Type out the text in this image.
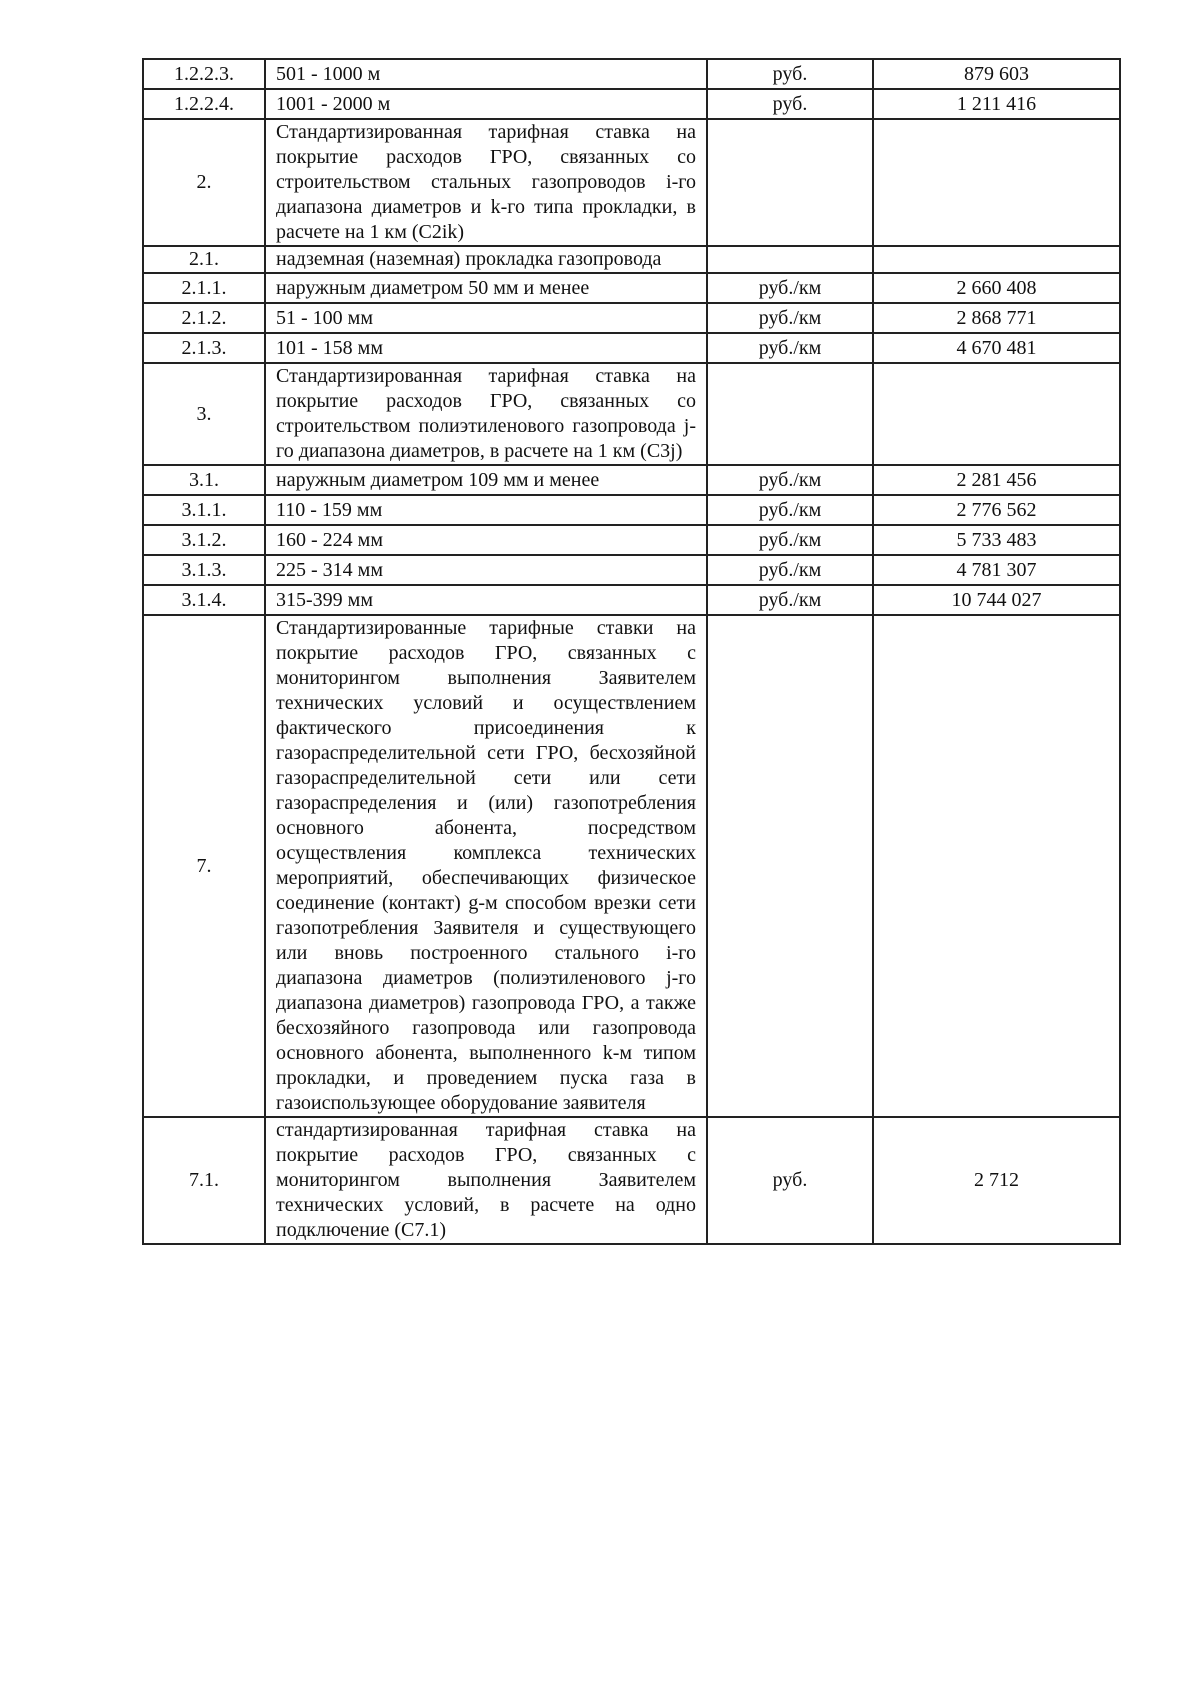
1.2.2.3.	501 - 1000 м	руб.	879 603
1.2.2.4.	1001 - 2000 м	руб.	1 211 416
2.	Стандартизированная тарифная ставка на покрытие расходов ГРО, связанных со строительством стальных газопроводов i-го диапазона диаметров и k-го типа прокладки, в расчете на 1 км (С2ik)		
2.1.	надземная (наземная) прокладка газопровода		
2.1.1.	наружным диаметром 50 мм и менее	руб./км	2 660 408
2.1.2.	51 - 100 мм	руб./км	2 868 771
2.1.3.	101 - 158 мм	руб./км	4 670 481
3.	Стандартизированная тарифная ставка на покрытие расходов ГРО, связанных со строительством полиэтиленового газопровода j-го диапазона диаметров, в расчете на 1 км (С3j)		
3.1.	наружным диаметром 109 мм и менее	руб./км	2 281 456
3.1.1.	110 - 159 мм	руб./км	2 776 562
3.1.2.	160 - 224 мм	руб./км	5 733 483
3.1.3.	225 - 314 мм	руб./км	4 781 307
3.1.4.	315-399 мм	руб./км	10 744 027
7.	Стандартизированные тарифные ставки на покрытие расходов ГРО, связанных с мониторингом выполнения Заявителем технических условий и осуществлением фактического присоединения к газораспределительной сети ГРО, бесхозяйной газораспределительной сети или сети газораспределения и (или) газопотребления основного абонента, посредством осуществления комплекса технических мероприятий, обеспечивающих физическое соединение (контакт) g-м способом врезки сети газопотребления Заявителя и существующего или вновь построенного стального i-го диапазона диаметров (полиэтиленового j-го диапазона диаметров) газопровода ГРО, а также бесхозяйного газопровода или газопровода основного абонента, выполненного k-м типом прокладки, и проведением пуска газа в газоиспользующее оборудование заявителя		
7.1.	стандартизированная тарифная ставка на покрытие расходов ГРО, связанных с мониторингом выполнения Заявителем технических условий, в расчете на одно подключение (С7.1)	руб.	2 712
